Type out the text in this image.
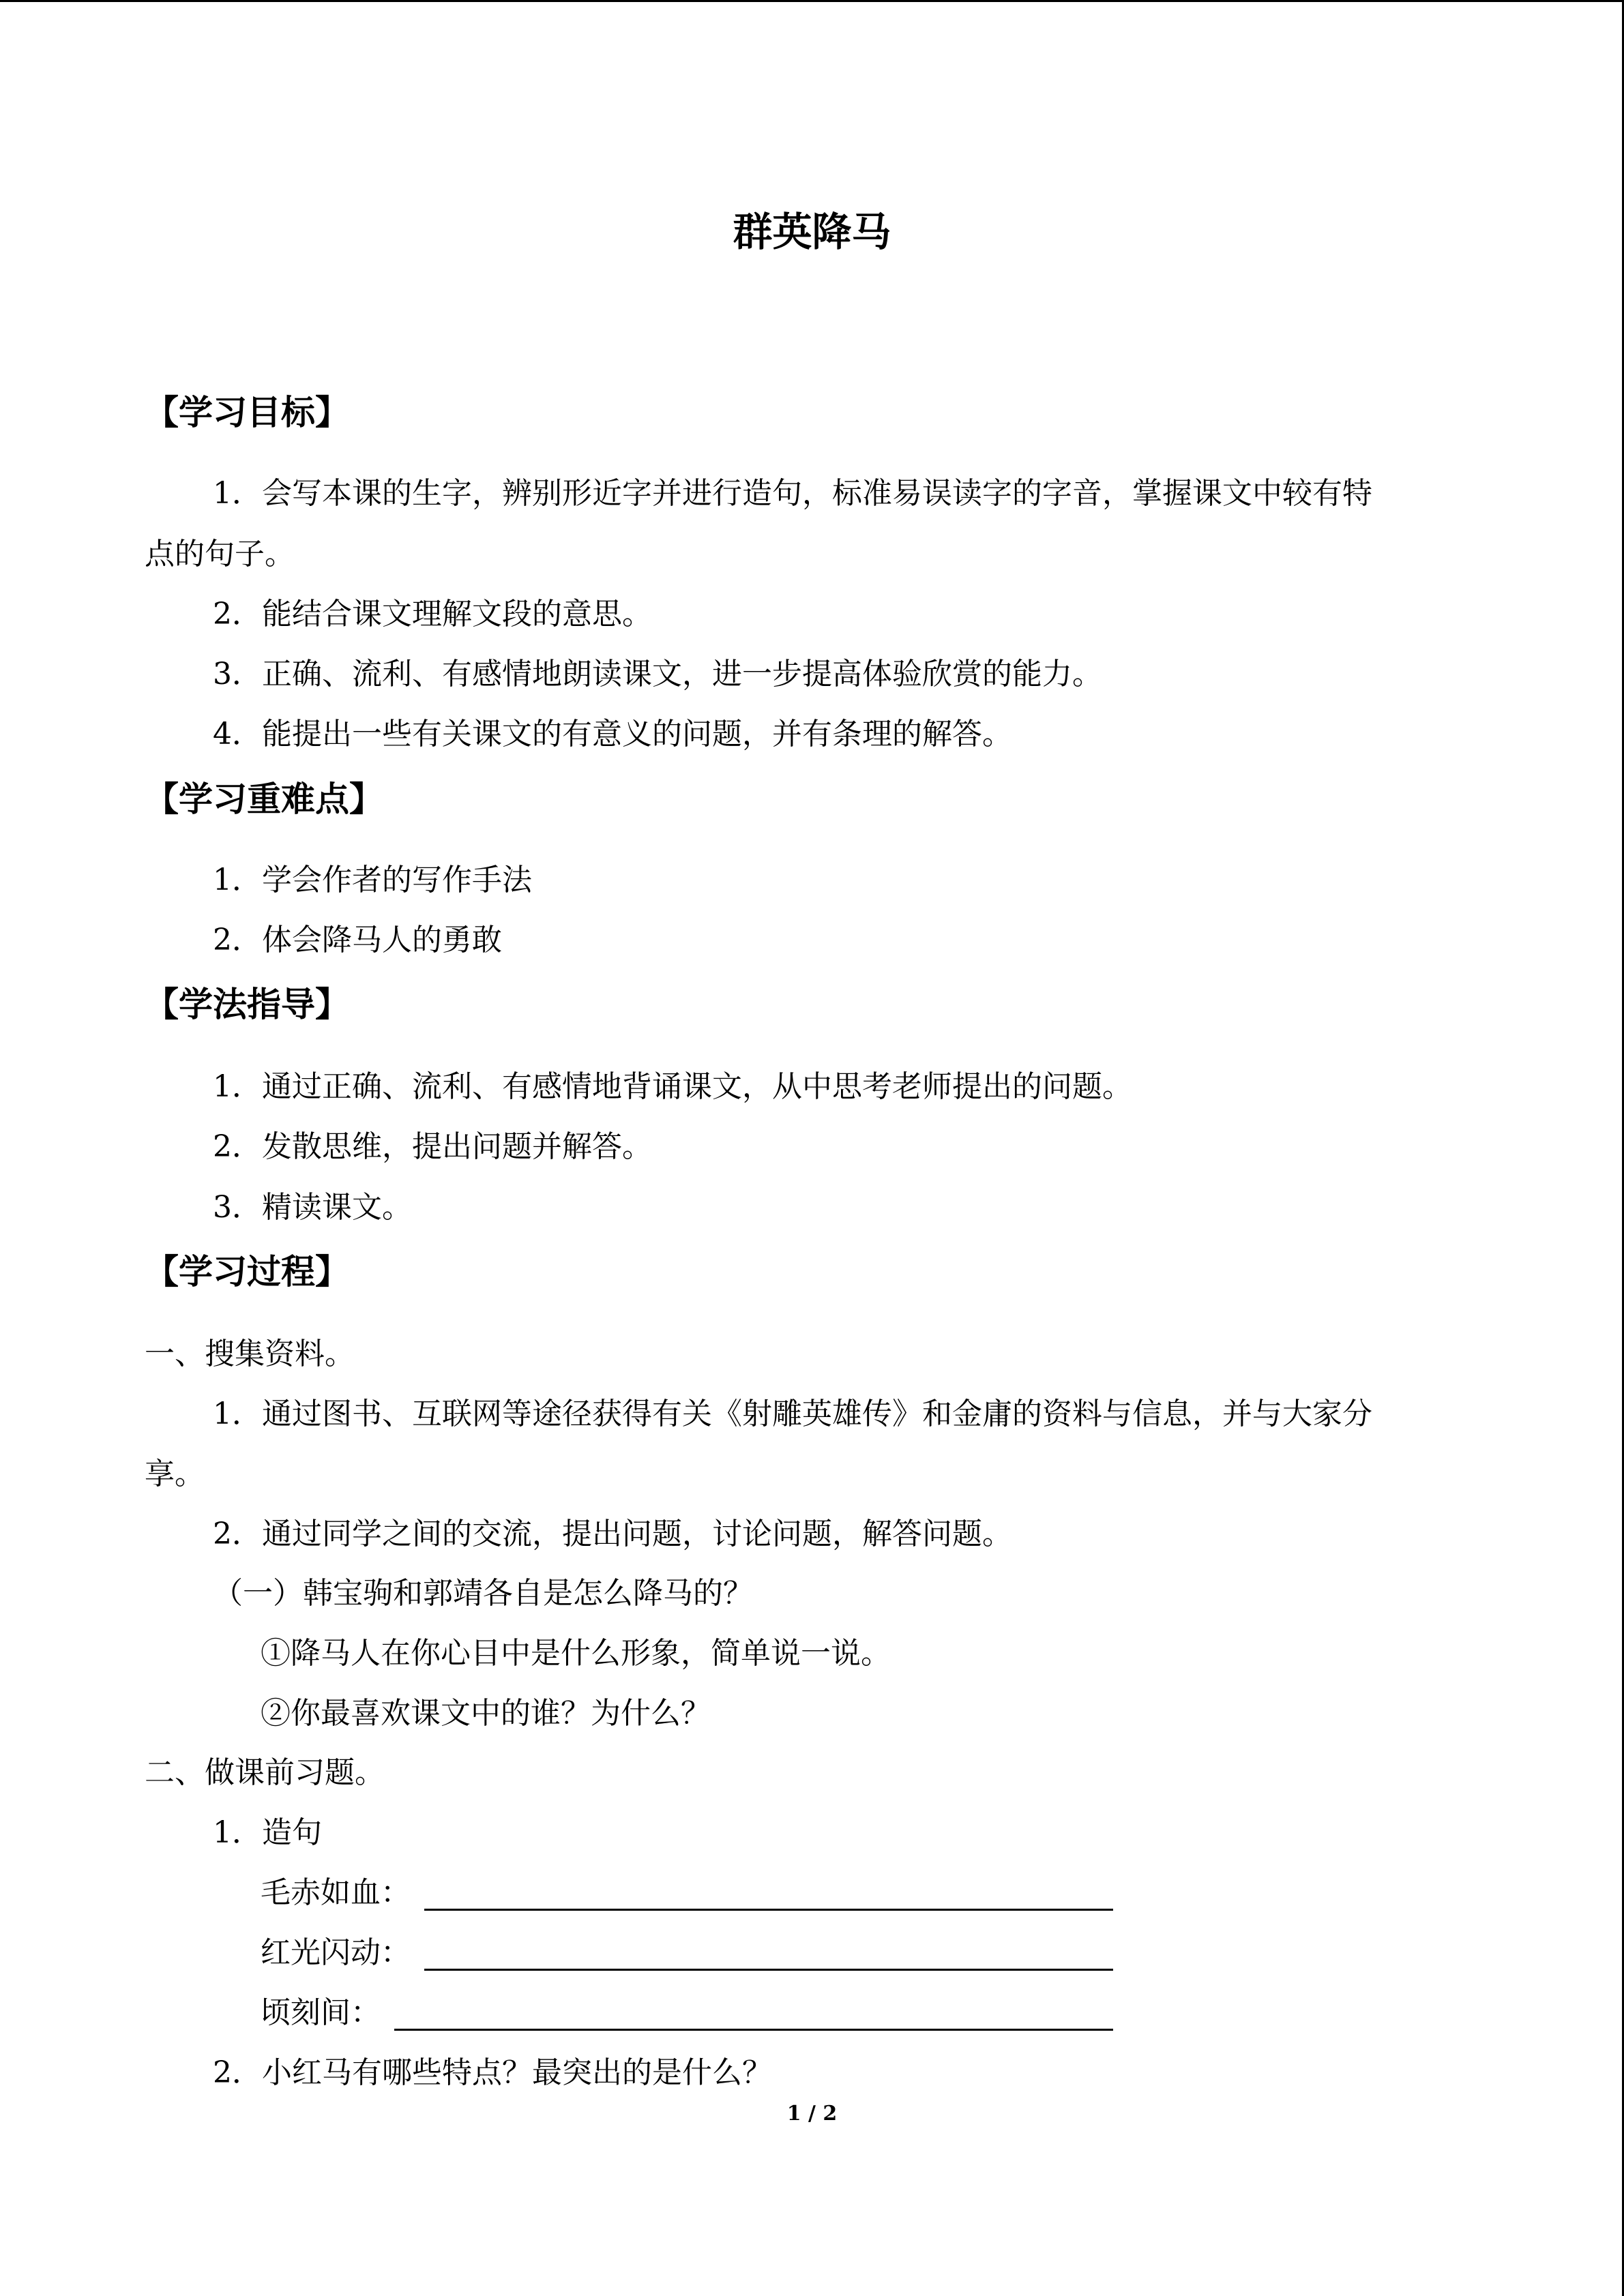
群英降马
【学习目标】
1．会写本课的生字，辨别形近字并进行造句，标准易误读字的字音，掌握课文中较有特
点的句子。
2．能结合课文理解文段的意思。
3．正确、流利、有感情地朗读课文，进一步提高体验欣赏的能力。
4．能提出一些有关课文的有意义的问题，并有条理的解答。
【学习重难点】
1．学会作者的写作手法
2．体会降马人的勇敢
【学法指导】
1．通过正确、流利、有感情地背诵课文，从中思考老师提出的问题。
2．发散思维，提出问题并解答。
3．精读课文。
【学习过程】
一、搜集资料。
1．通过图书、互联网等途径获得有关《射雕英雄传》和金庸的资料与信息，并与大家分
享。
2．通过同学之间的交流，提出问题，讨论问题，解答问题。
（一）韩宝驹和郭靖各自是怎么降马的？
①降马人在你心目中是什么形象，简单说一说。
②你最喜欢课文中的谁？为什么？
二、做课前习题。
1．造句
毛赤如血：
红光闪动：
顷刻间：
2．小红马有哪些特点？最突出的是什么？
1 / 2
